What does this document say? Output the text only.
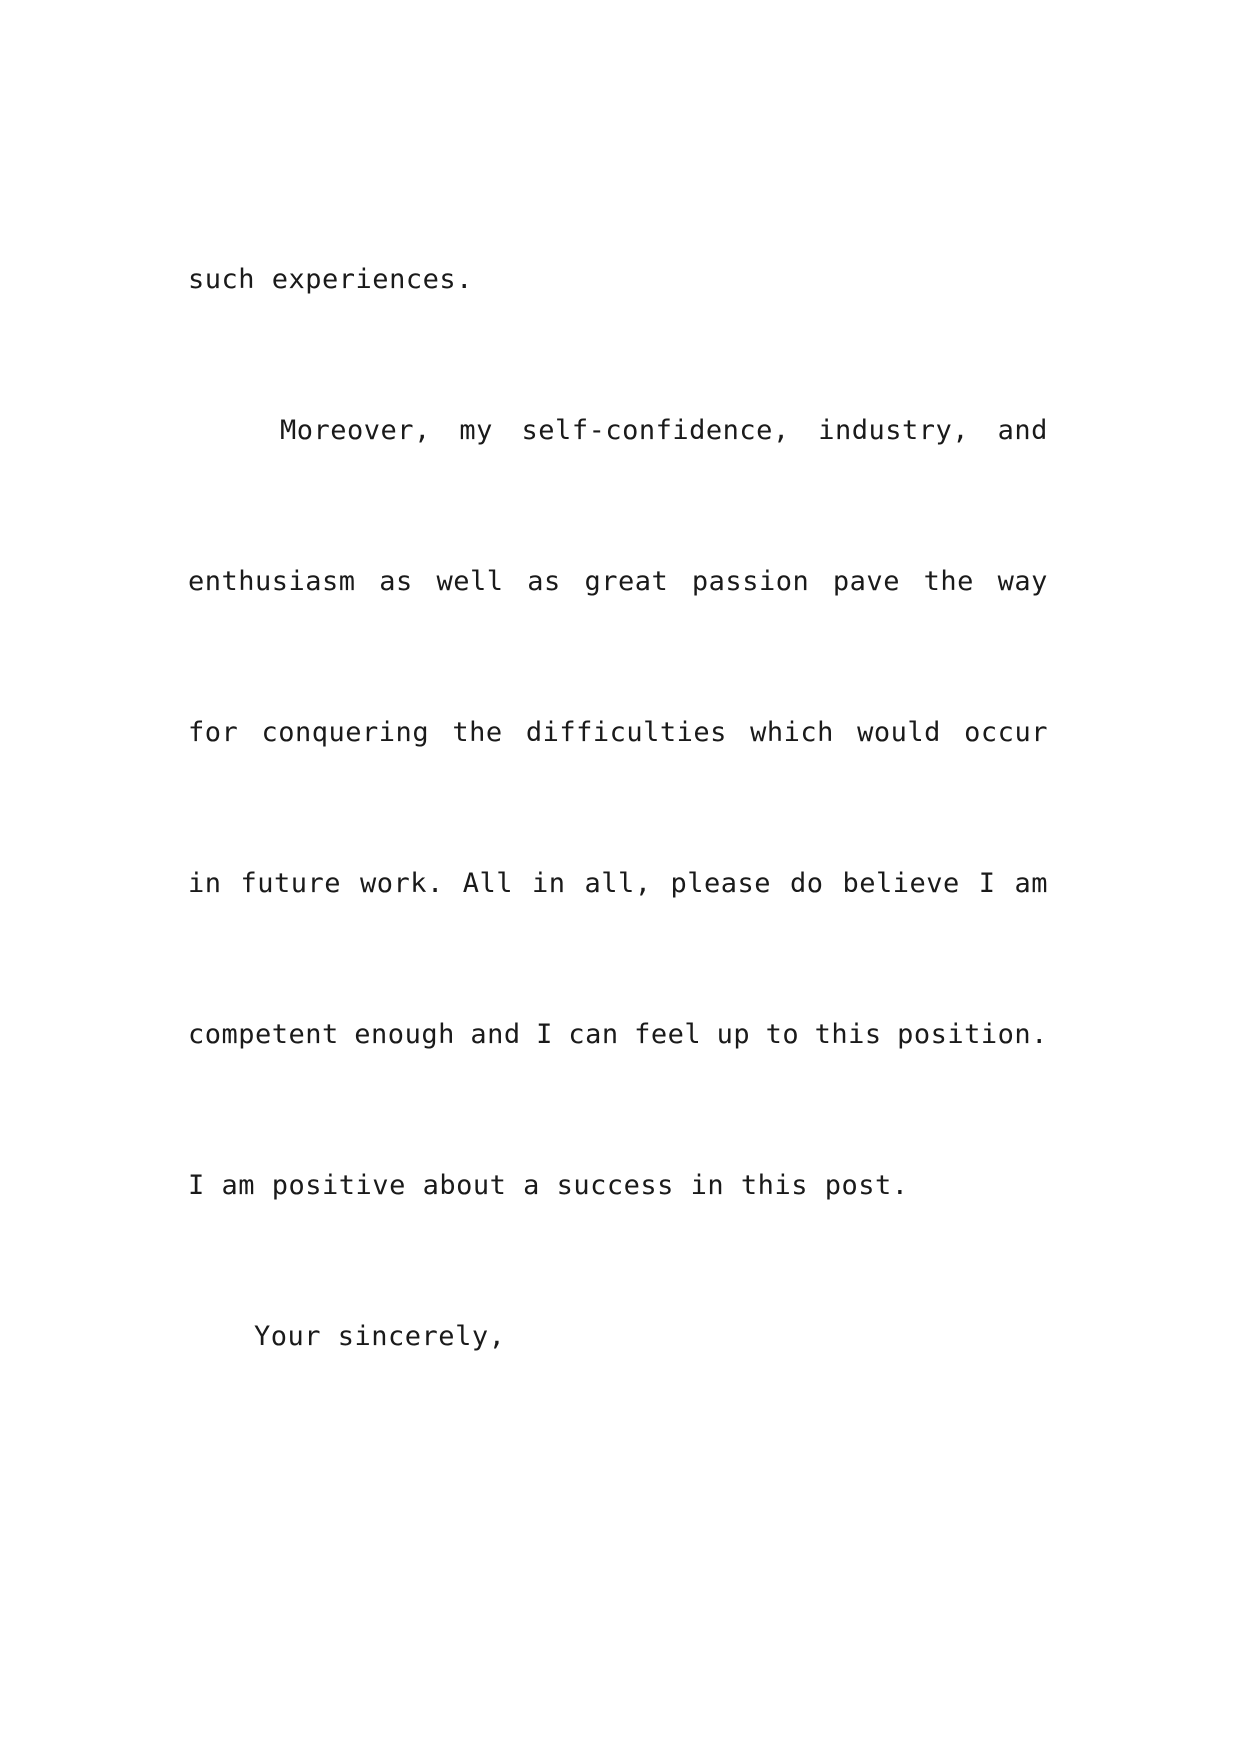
such experiences.

Moreover, my self-confidence, industry, and

enthusiasm as well as great passion pave the way

for conquering the difficulties which would occur

in future work. All in all, please do believe I am

competent enough and I can feel up to this position.

I am positive about a success in this post.

Your sincerely,
